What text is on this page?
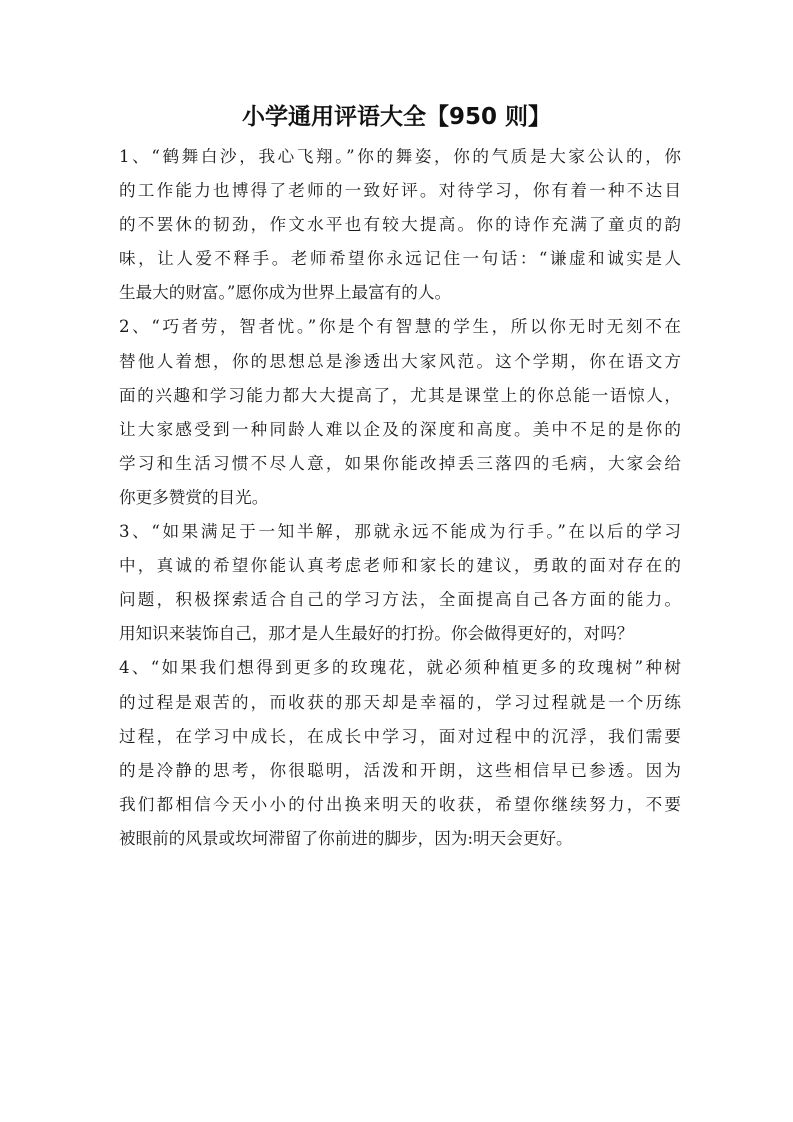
小学通用评语大全【950 则】

1、“鹤舞白沙，我心飞翔。”你的舞姿，你的气质是大家公认的，你
的工作能力也博得了老师的一致好评。对待学习，你有着一种不达目
的不罢休的韧劲，作文水平也有较大提高。你的诗作充满了童贞的韵
味，让人爱不释手。老师希望你永远记住一句话：“谦虚和诚实是人
生最大的财富。”愿你成为世界上最富有的人。

2、“巧者劳，智者忧。”你是个有智慧的学生，所以你无时无刻不在
替他人着想，你的思想总是渗透出大家风范。这个学期，你在语文方
面的兴趣和学习能力都大大提高了，尤其是课堂上的你总能一语惊人，
让大家感受到一种同龄人难以企及的深度和高度。美中不足的是你的
学习和生活习惯不尽人意，如果你能改掉丢三落四的毛病，大家会给
你更多赞赏的目光。

3、“如果满足于一知半解，那就永远不能成为行手。”在以后的学习
中，真诚的希望你能认真考虑老师和家长的建议，勇敢的面对存在的
问题，积极探索适合自己的学习方法，全面提高自己各方面的能力。
用知识来装饰自己，那才是人生最好的打扮。你会做得更好的，对吗？

4、“如果我们想得到更多的玫瑰花，就必须种植更多的玫瑰树”种树
的过程是艰苦的，而收获的那天却是幸福的，学习过程就是一个历练
过程，在学习中成长，在成长中学习，面对过程中的沉浮，我们需要
的是冷静的思考，你很聪明，活泼和开朗，这些相信早已参透。因为
我们都相信今天小小的付出换来明天的收获，希望你继续努力，不要
被眼前的风景或坎坷滞留了你前进的脚步，因为:明天会更好。
